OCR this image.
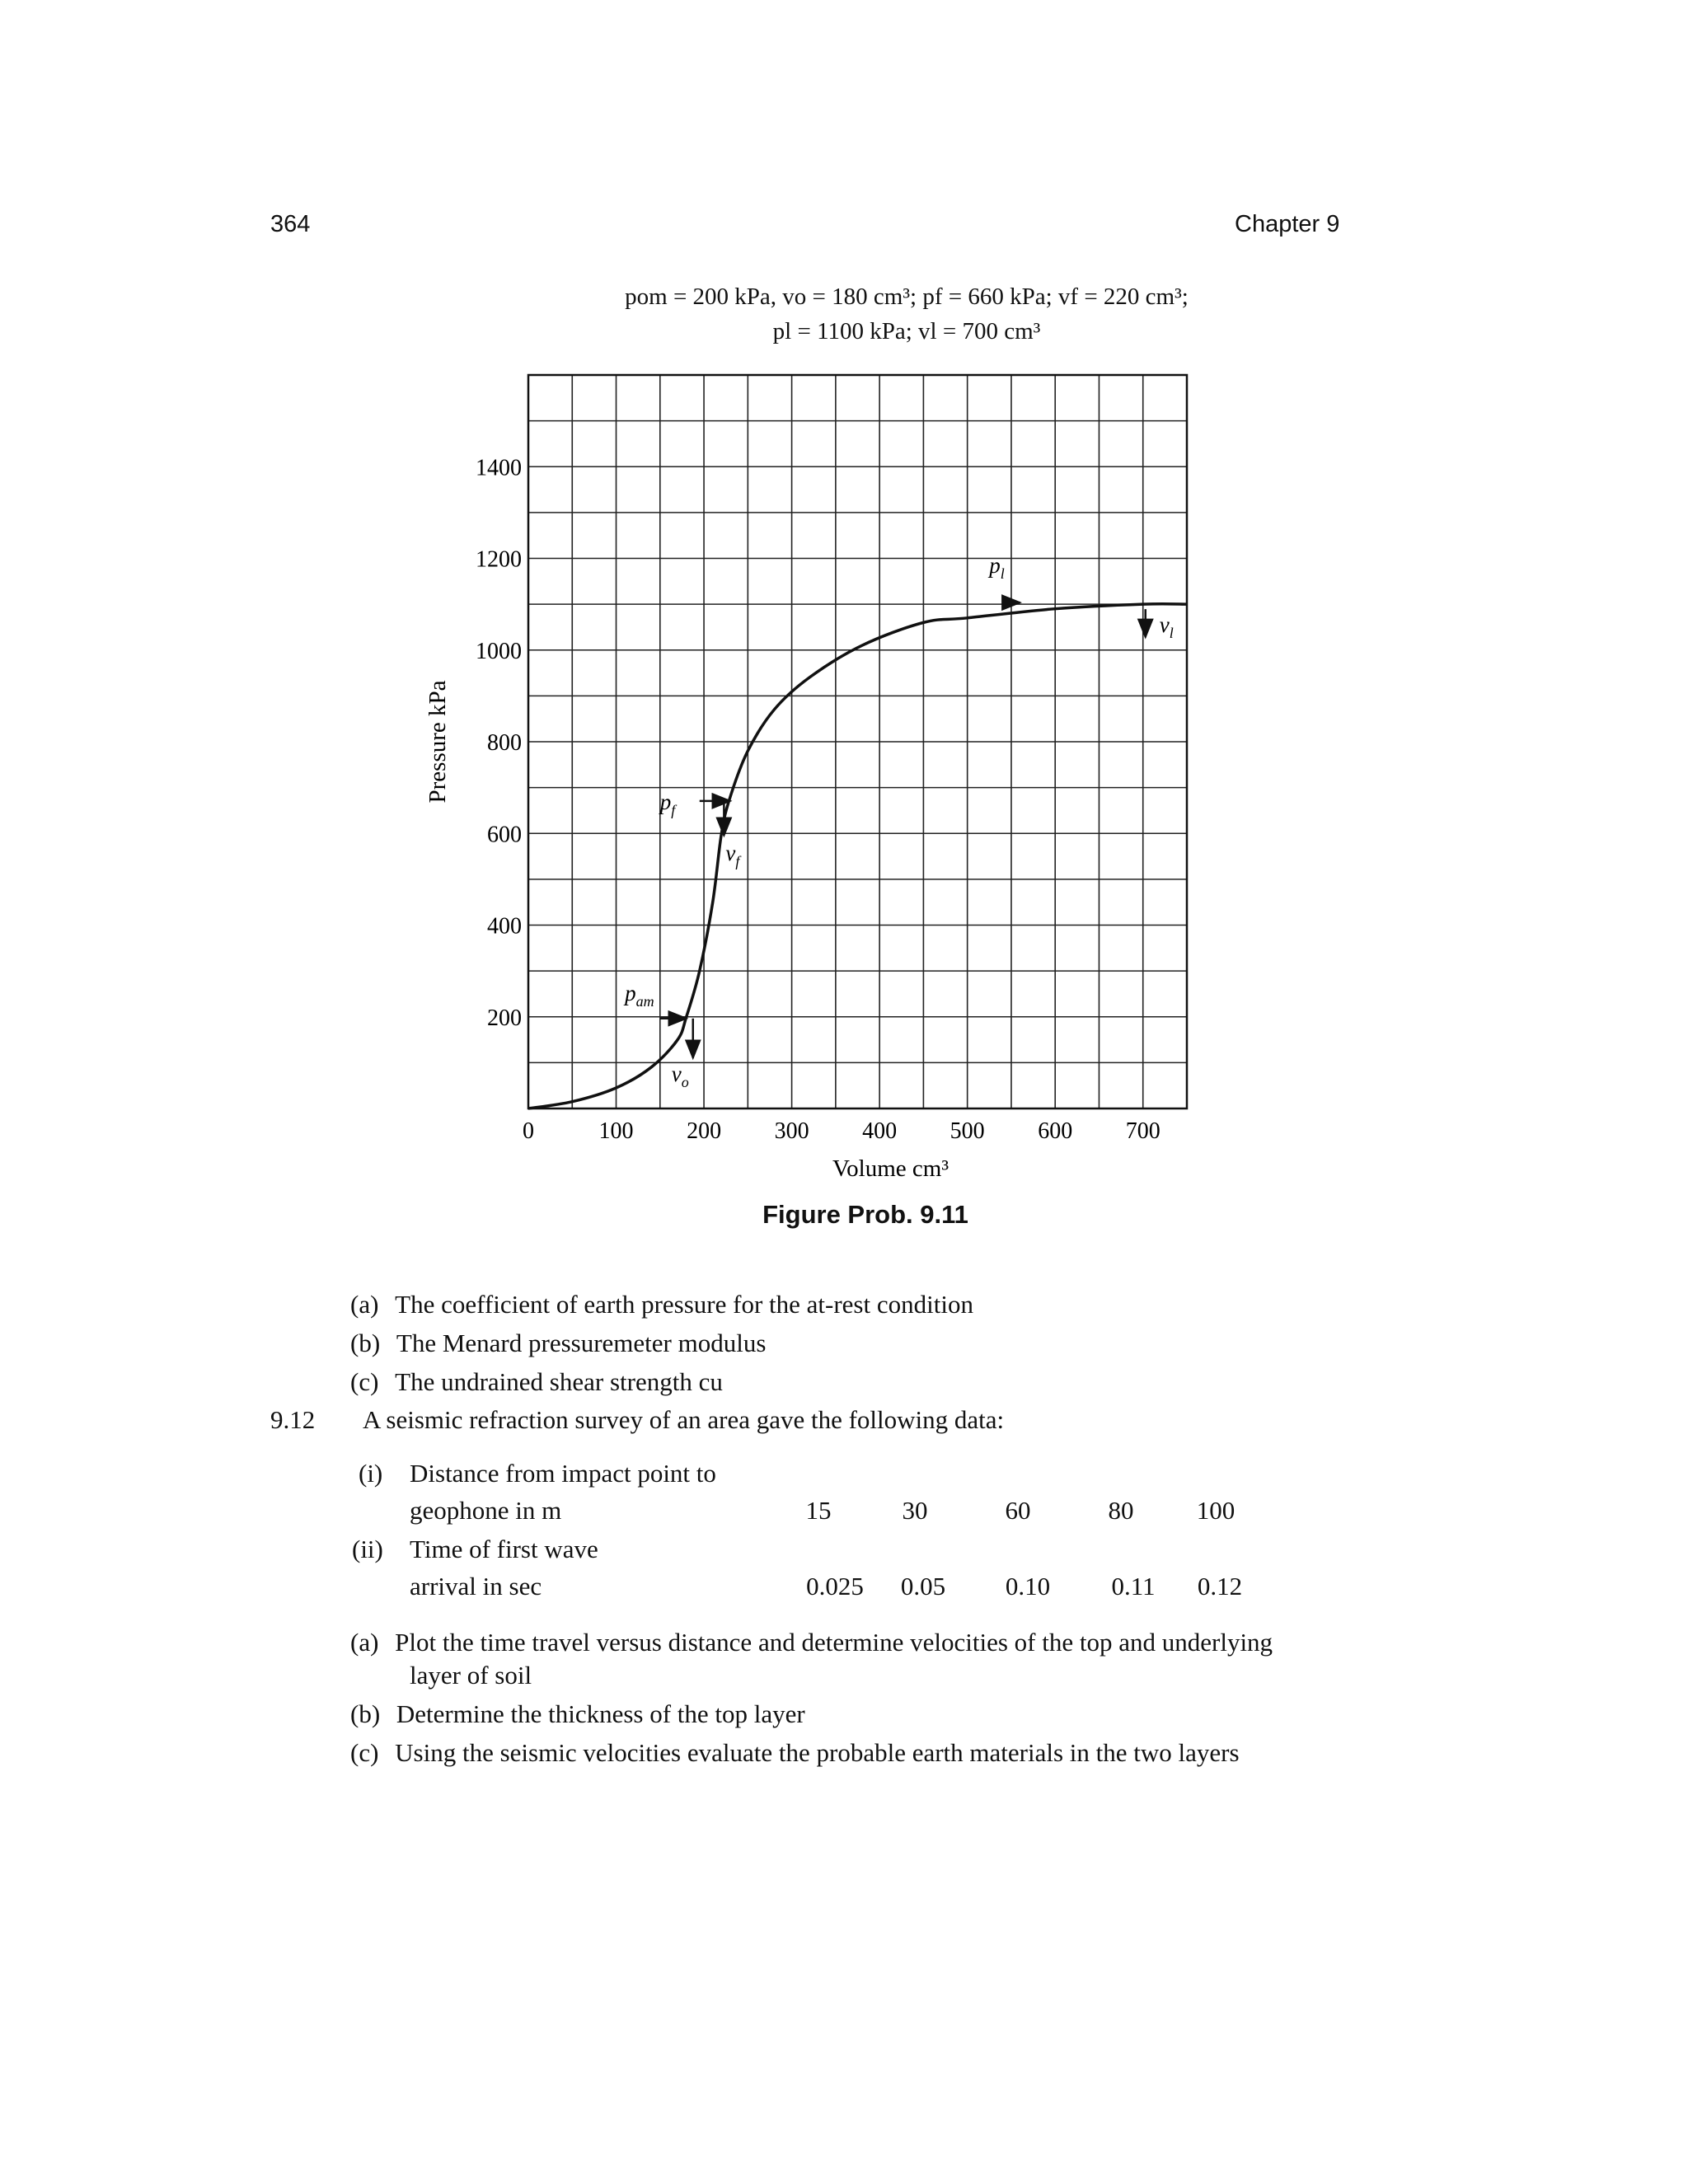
364	Chapter 9
pom = 200 kPa, vo = 180 cm³; pf = 660 kPa; vf = 220 cm³;
pl = 1100 kPa; vl = 700 cm³
200
400
600
800
1000
1200
1400
0	100 200 300 400 500 600 700
Pressure kPa
Volume cm³
$p_{am}$
$v_o$
$p_f$
$v_f$
$p_l$
$v_l$
Figure Prob. 9.11
(a) The coefficient of earth pressure for the at-rest condition
(b) The Menard pressuremeter modulus
(c) The undrained shear strength cu
9.12 A seismic refraction survey of an area gave the following data:
(i) Distance from impact point to
geophone in m	15	30	60	80	100
(ii) Time of first wave
arrival in sec	0.025	0.05	0.10	0.11	0.12
(a) Plot the time travel versus distance and determine velocities of the top and underlying
layer of soil
(b) Determine the thickness of the top layer
(c) Using the seismic velocities evaluate the probable earth materials in the two layers
